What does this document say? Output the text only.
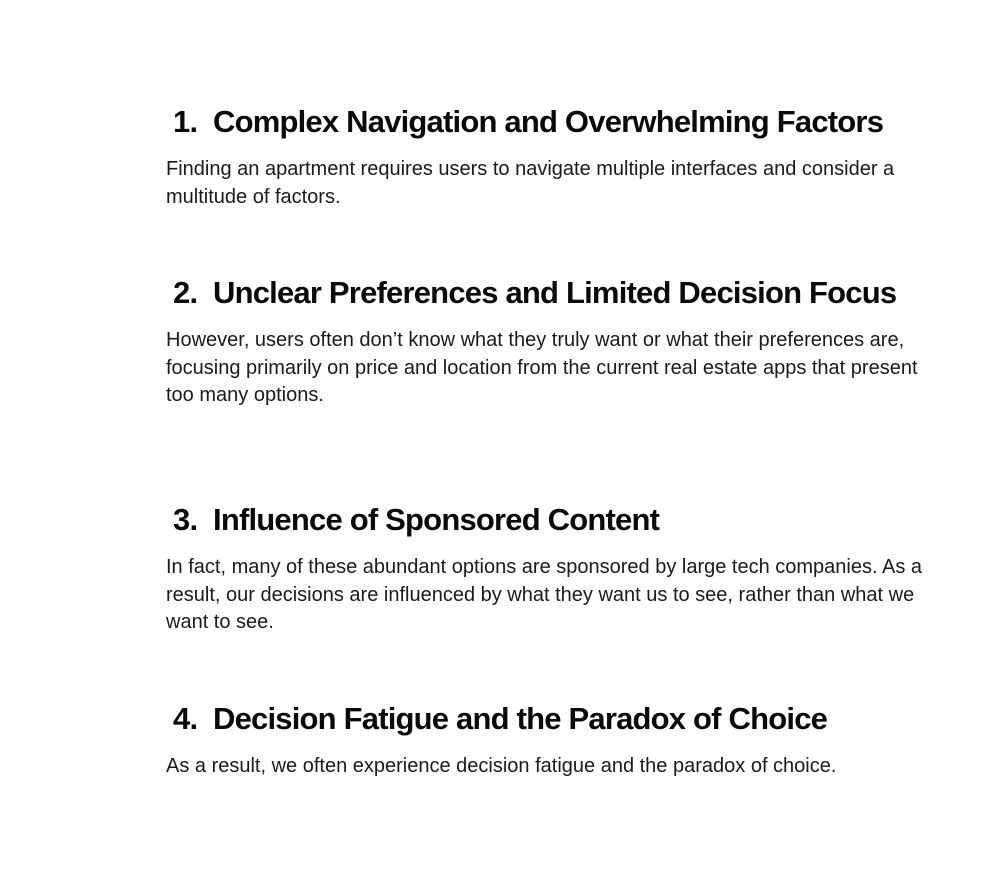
1. Complex Navigation and Overwhelming Factors

Finding an apartment requires users to navigate multiple interfaces and consider a multitude of factors.

2. Unclear Preferences and Limited Decision Focus

However, users often don’t know what they truly want or what their preferences are, focusing primarily on price and location from the current real estate apps that present too many options.

3. Influence of Sponsored Content

In fact, many of these abundant options are sponsored by large tech companies. As a result, our decisions are influenced by what they want us to see, rather than what we want to see.

4. Decision Fatigue and the Paradox of Choice

As a result, we often experience decision fatigue and the paradox of choice.
